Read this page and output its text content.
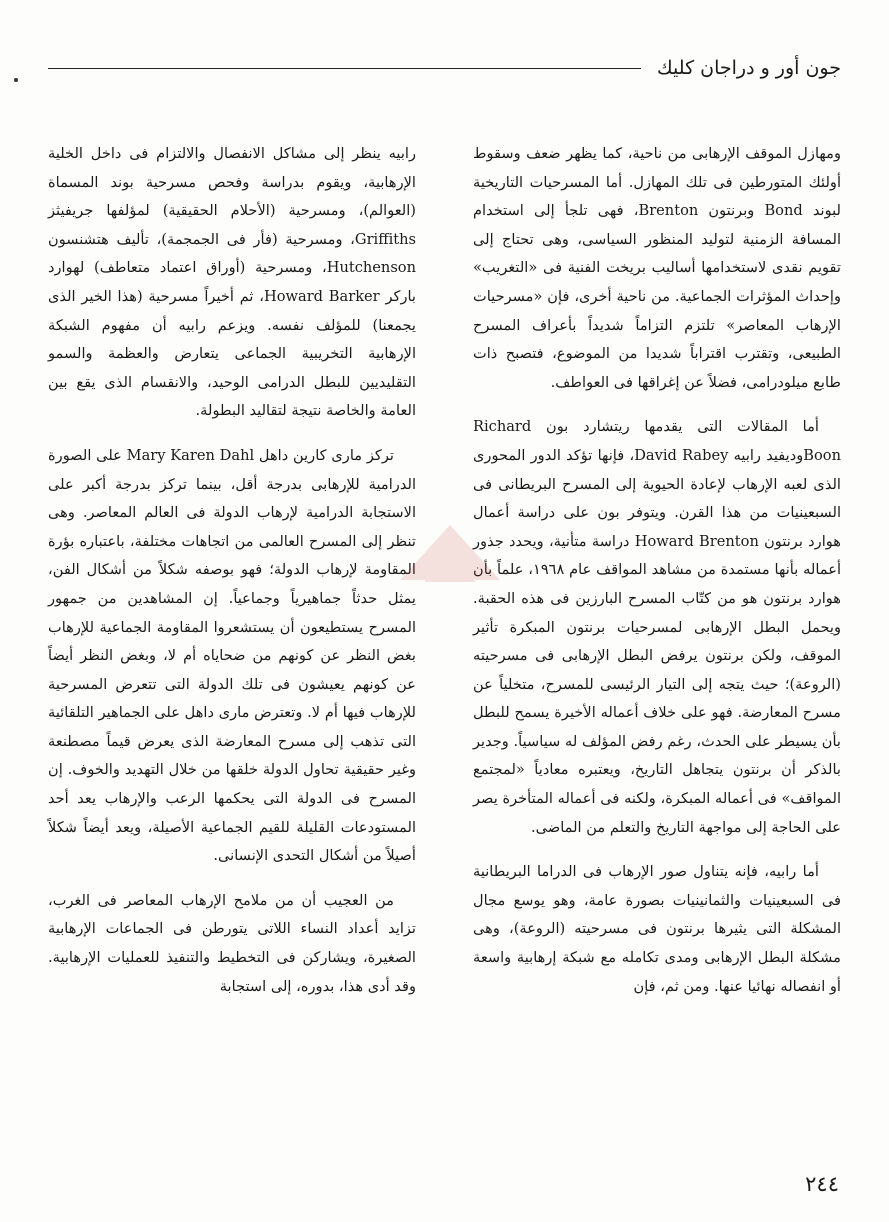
جون أور و دراجان كليك

ومهازل الموقف الإرهابى من ناحية، كما يظهر ضعف وسقوط أولئك المتورطين فى تلك المهازل. أما المسرحيات التاريخية لبوند Bond وبرنتون Brenton، فهى تلجأ إلى استخدام المسافة الزمنية لتوليد المنظور السياسى، وهى تحتاج إلى تقويم نقدى لاستخدامها أساليب بريخت الفنية فى «التغريب» وإحداث المؤثرات الجماعية. من ناحية أخرى، فإن «مسرحيات الإرهاب المعاصر» تلتزم التزاماً شديداً بأعراف المسرح الطبيعى، وتقترب اقتراباً شديدا من الموضوع، فتصبح ذات طابع ميلودرامى، فضلاً عن إغراقها فى العواطف.

أما المقالات التى يقدمها ريتشارد بون Richard Boonوديفيد رابيه David Rabey، فإنها تؤكد الدور المحورى الذى لعبه الإرهاب لإعادة الحيوية إلى المسرح البريطانى فى السبعينيات من هذا القرن. ويتوفر بون على دراسة أعمال هوارد برنتون Howard Brenton دراسة متأنية، ويحدد جذور أعماله بأنها مستمدة من مشاهد المواقف عام ١٩٦٨، علماً بأن هوارد برنتون هو من كتّاب المسرح البارزين فى هذه الحقبة. ويحمل البطل الإرهابى لمسرحيات برنتون المبكرة تأثير الموقف، ولكن برنتون يرفض البطل الإرهابى فى مسرحيته (الروعة)؛ حيث يتجه إلى التيار الرئيسى للمسرح، متخلياً عن مسرح المعارضة. فهو على خلاف أعماله الأخيرة يسمح للبطل بأن يسيطر على الحدث، رغم رفض المؤلف له سياسياً. وجدير بالذكر أن برنتون يتجاهل التاريخ، ويعتبره معادياً «لمجتمع المواقف» فى أعماله المبكرة، ولكنه فى أعماله المتأخرة يصر على الحاجة إلى مواجهة التاريخ والتعلم من الماضى.

أما رابيه، فإنه يتناول صور الإرهاب فى الدراما البريطانية فى السبعينيات والثمانينيات بصورة عامة، وهو يوسع مجال المشكلة التى يثيرها برنتون فى مسرحيته (الروعة)، وهى مشكلة البطل الإرهابى ومدى تكامله مع شبكة إرهابية واسعة أو انفصاله نهائيا عنها. ومن ثم، فإن

رابيه ينظر إلى مشاكل الانفصال والالتزام فى داخل الخلية الإرهابية، ويقوم بدراسة وفحص مسرحية بوند المسماة (العوالم)، ومسرحية (الأحلام الحقيقية) لمؤلفها جريفيثز Griffiths، ومسرحية (فأر فى الجمجمة)، تأليف هتشنسون Hutchenson، ومسرحية (أوراق اعتماد متعاطف) لهوارد باركر Howard Barker، ثم أخيراً مسرحية (هذا الخير الذى يجمعنا) للمؤلف نفسه. ويزعم رابيه أن مفهوم الشبكة الإرهابية التخريبية الجماعى يتعارض والعظمة والسمو التقليديين للبطل الدرامى الوحيد، والانقسام الذى يقع بين العامة والخاصة نتيجة لتقاليد البطولة.

تركز مارى كارين داهل Mary Karen Dahl على الصورة الدرامية للإرهابى بدرجة أقل، بينما تركز بدرجة أكبر على الاستجابة الدرامية لإرهاب الدولة فى العالم المعاصر. وهى تنظر إلى المسرح العالمى من اتجاهات مختلفة، باعتباره بؤرة المقاومة لإرهاب الدولة؛ فهو بوصفه شكلاً من أشكال الفن، يمثل حدثاً جماهيرياً وجماعياً. إن المشاهدين من جمهور المسرح يستطيعون أن يستشعروا المقاومة الجماعية للإرهاب بغض النظر عن كونهم من ضحاياه أم لا، وبغض النظر أيضاً عن كونهم يعيشون فى تلك الدولة التى تتعرض المسرحية للإرهاب فيها أم لا. وتعترض مارى داهل على الجماهير التلقائية التى تذهب إلى مسرح المعارضة الذى يعرض قيماً مصطنعة وغير حقيقية تحاول الدولة خلقها من خلال التهديد والخوف. إن المسرح فى الدولة التى يحكمها الرعب والإرهاب يعد أحد المستودعات القليلة للقيم الجماعية الأصيلة، ويعد أيضاً شكلاً أصيلاً من أشكال التحدى الإنسانى.

من العجيب أن من ملامح الإرهاب المعاصر فى الغرب، تزايد أعداد النساء اللاتى يتورطن فى الجماعات الإرهابية الصغيرة، ويشاركن فى التخطيط والتنفيذ للعمليات الإرهابية. وقد أدى هذا، بدوره، إلى استجابة

٢٤٤
